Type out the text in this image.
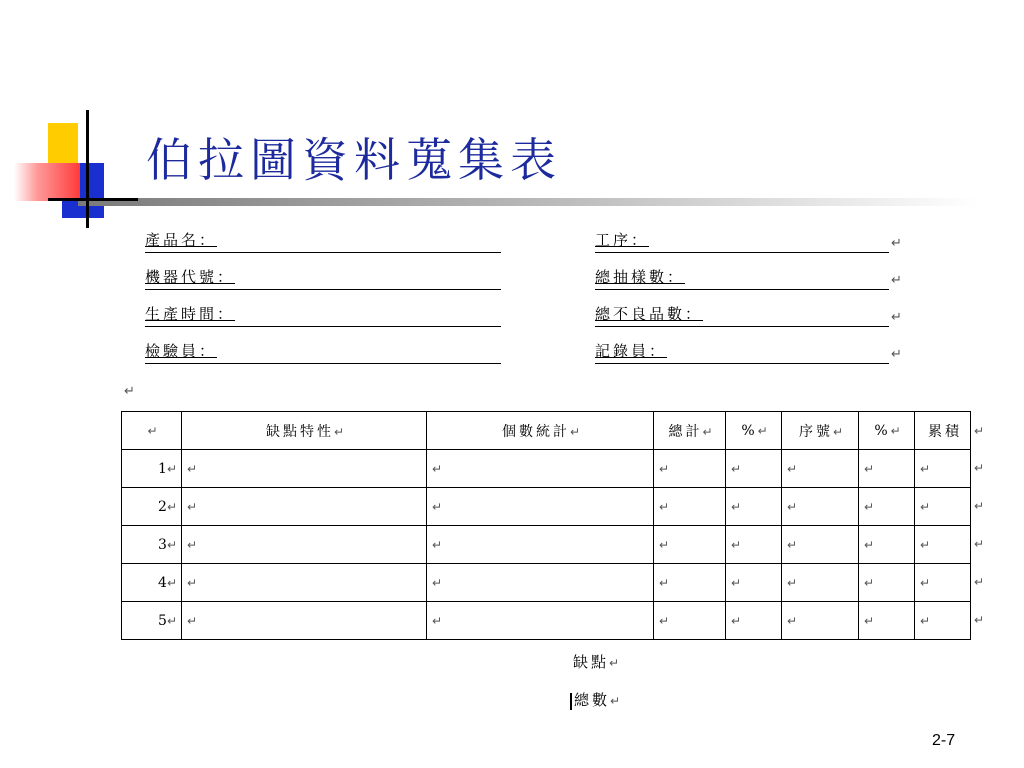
伯拉圖資料蒐集表
產品名：
機器代號：
生產時間：
檢驗員：
工序：
總抽樣數：
總不良品數：
記錄員：
↵
↵
↵
↵
↵
↵	缺點特性↵	個數統計↵	總計↵	%↵	序號↵	%↵	累積
1↵	↵	↵	↵	↵	↵	↵	↵
2↵	↵	↵	↵	↵	↵	↵	↵
3↵	↵	↵	↵	↵	↵	↵	↵
4↵	↵	↵	↵	↵	↵	↵	↵
5↵	↵	↵	↵	↵	↵	↵	↵
↵
↵
↵
↵
↵
↵
缺點↵
總數↵
2-7
